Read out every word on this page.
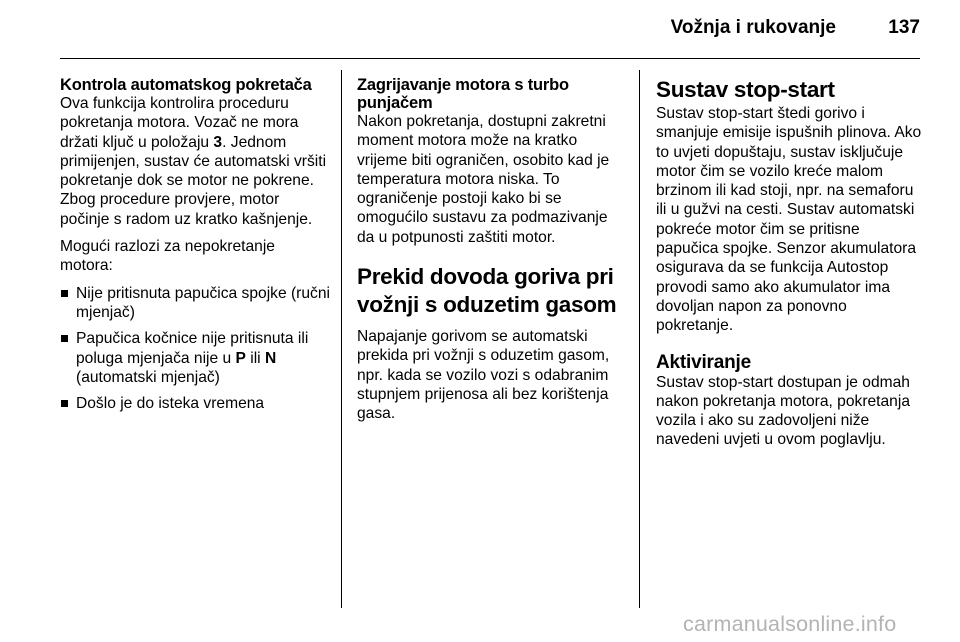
Vožnja i rukovanje	137
Kontrola automatskog pokretača

Ova funkcija kontrolira proceduru pokretanja motora. Vozač ne mora držati ključ u položaju 3. Jednom primijenjen, sustav će automatski vršiti pokretanje dok se motor ne pokrene. Zbog procedure provjere, motor počinje s radom uz kratko kašnjenje.

Mogući razlozi za nepokretanje motora:

Nije pritisnuta papučica spojke (ručni mjenjač)
Papučica kočnice nije pritisnuta ili poluga mjenjača nije u P ili N (automatski mjenjač)
Došlo je do isteka vremena
Zagrijavanje motora s turbo punjačem

Nakon pokretanja, dostupni zakretni moment motora može na kratko vrijeme biti ograničen, osobito kad je temperatura motora niska. To ograničenje postoji kako bi se omogućilo sustavu za podmazivanje da u potpunosti zaštiti motor.

Prekid dovoda goriva pri vožnji s oduzetim gasom

Napajanje gorivom se automatski prekida pri vožnji s oduzetim gasom, npr. kada se vozilo vozi s odabranim stupnjem prijenosa ali bez korištenja gasa.

Sustav stop-start

Sustav stop-start štedi gorivo i smanjuje emisije ispušnih plinova. Ako to uvjeti dopuštaju, sustav isključuje motor čim se vozilo kreće malom brzinom ili kad stoji, npr. na semaforu ili u gužvi na cesti. Sustav automatski pokreće motor čim se pritisne papučica spojke. Senzor akumulatora osigurava da se funkcija Autostop provodi samo ako akumulator ima dovoljan napon za ponovno pokretanje.

Aktiviranje

Sustav stop-start dostupan je odmah nakon pokretanja motora, pokretanja vozila i ako su zadovoljeni niže navedeni uvjeti u ovom poglavlju.

carmanualsonline.info
